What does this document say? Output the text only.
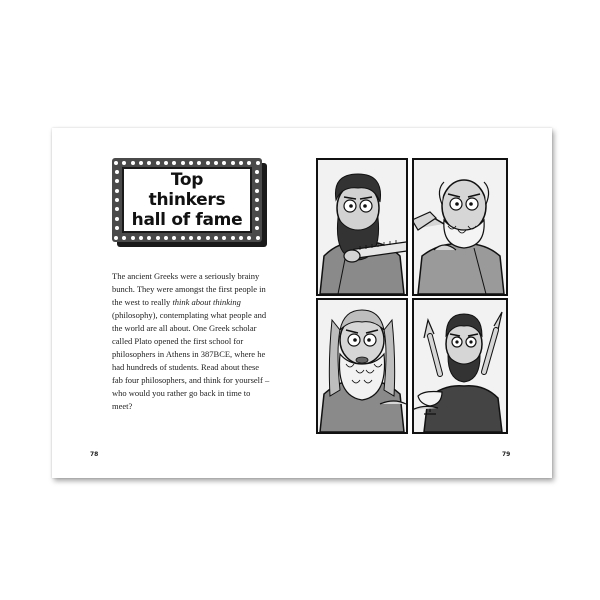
Top
thinkers
hall of fame
The ancient Greeks were a seriously brainy bunch. They were amongst the first people in the west to really think about thinking (philosophy), contemplating what people and the world are all about. One Greek scholar called Plato opened the first school for philosophers in Athens in 387BCE, where he had hundreds of students. Read about these fab four philosophers, and think for yourself – who would you rather go back in time to meet?
78	79
